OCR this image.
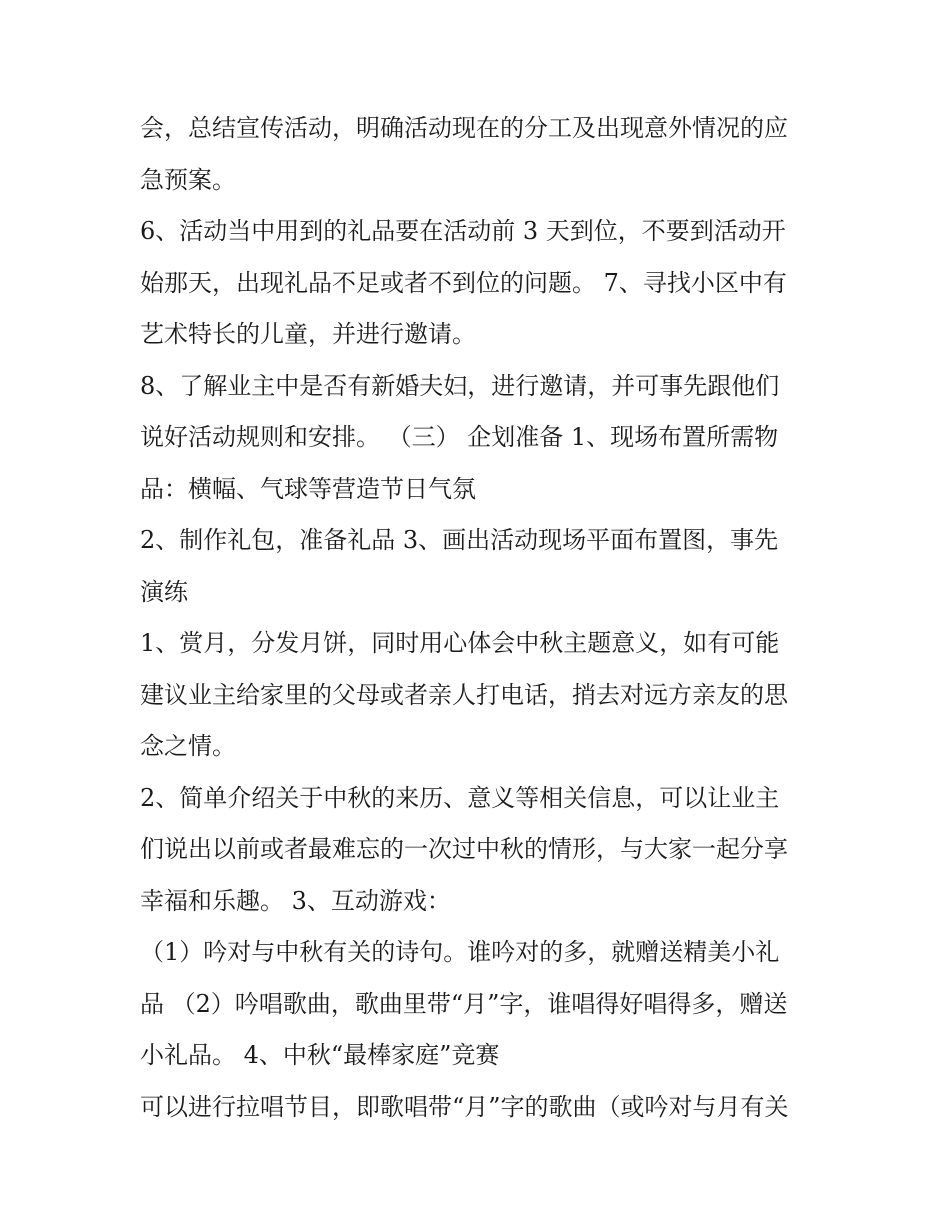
会，总结宣传活动，明确活动现在的分工及出现意外情况的应
急预案。

6、活动当中用到的礼品要在活动前 3 天到位，不要到活动开
始那天，出现礼品不足或者不到位的问题。 7、寻找小区中有
艺术特长的儿童，并进行邀请。

8、了解业主中是否有新婚夫妇，进行邀请，并可事先跟他们
说好活动规则和安排。 （三） 企划准备 1、现场布置所需物
品：横幅、气球等营造节日气氛

2、制作礼包，准备礼品 3、画出活动现场平面布置图，事先
演练

1、赏月，分发月饼，同时用心体会中秋主题意义，如有可能
建议业主给家里的父母或者亲人打电话，捎去对远方亲友的思
念之情。

2、简单介绍关于中秋的来历、意义等相关信息，可以让业主
们说出以前或者最难忘的一次过中秋的情形，与大家一起分享
幸福和乐趣。 3、互动游戏：

（1）吟对与中秋有关的诗句。谁吟对的多，就赠送精美小礼
品 （2）吟唱歌曲，歌曲里带“月”字，谁唱得好唱得多，赠送
小礼品。 4、中秋“最棒家庭”竞赛

可以进行拉唱节目，即歌唱带“月”字的歌曲（或吟对与月有关
